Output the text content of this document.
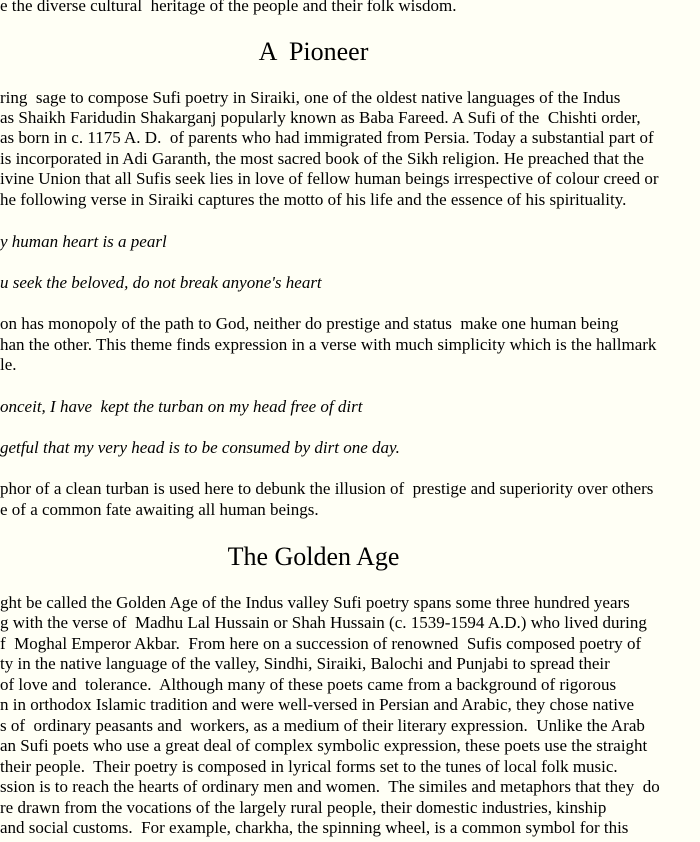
e the diverse cultural  heritage of the people and their folk wisdom.
A  Pioneer
ring  sage to compose Sufi poetry in Siraiki, one of the oldest native languages of the Indus
as Shaikh Faridudin Shakarganj popularly known as Baba Fareed. A Sufi of the  Chishti order,
as born in c. 1175 A. D.  of parents who had immigrated from Persia. Today a substantial part of
is incorporated in Adi Garanth, the most sacred book of the Sikh religion. He preached that the
ivine Union that all Sufis seek lies in love of fellow human beings irrespective of colour creed or
he following verse in Siraiki captures the motto of his life and the essence of his spirituality.
y human heart is a pearl
u seek the beloved, do not break anyone's heart
on has monopoly of the path to God, neither do prestige and status  make one human being
han the other. This theme finds expression in a verse with much simplicity which is the hallmark
le.
onceit, I have  kept the turban on my head free of dirt
getful that my very head is to be consumed by dirt one day.
phor of a clean turban is used here to debunk the illusion of  prestige and superiority over others
e of a common fate awaiting all human beings.
The Golden Age
ght be called the Golden Age of the Indus valley Sufi poetry spans some three hundred years
g with the verse of  Madhu Lal Hussain or Shah Hussain (c. 1539-1594 A.D.) who lived during
f  Moghal Emperor Akbar.  From here on a succession of renowned  Sufis composed poetry of
ty in the native language of the valley, Sindhi, Siraiki, Balochi and Punjabi to spread their
of love and  tolerance.  Although many of these poets came from a background of rigorous
n in orthodox Islamic tradition and were well-versed in Persian and Arabic, they chose native
s of  ordinary peasants and  workers, as a medium of their literary expression.  Unlike the Arab
an Sufi poets who use a great deal of complex symbolic expression, these poets use the straight
their people.  Their poetry is composed in lyrical forms set to the tunes of local folk music.
ssion is to reach the hearts of ordinary men and women.  The similes and metaphors that they  do
re drawn from the vocations of the largely rural people, their domestic industries, kinship
and social customs.  For example, charkha, the spinning wheel, is a common symbol for this
